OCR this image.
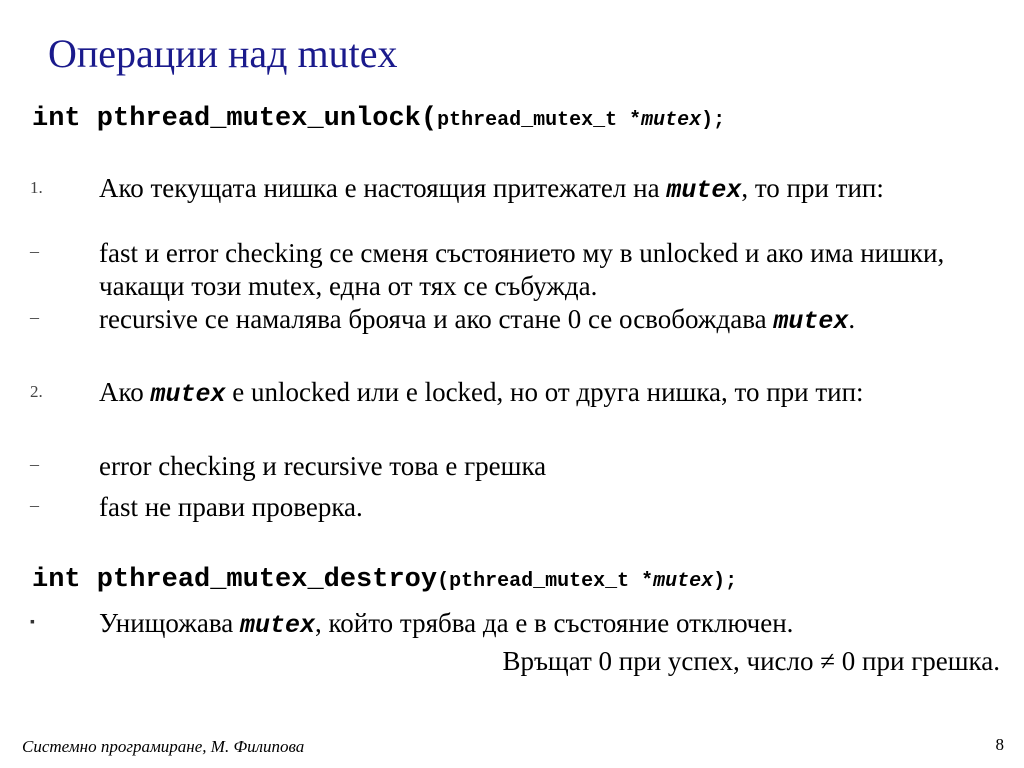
Операции над mutex
int pthread_mutex_unlock(pthread_mutex_t *mutex);
1. Ако текущата нишка е настоящия притежател на mutex, то при тип:
– fast и error checking се сменя състоянието му в unlocked и ако има нишки, чакащи този mutex, една от тях се събужда.
– recursive се намалява брояча и ако стане 0 се освобождава mutex.
2. Ако mutex е unlocked или е locked, но от друга нишка, то при тип:
– error checking и recursive това е грешка
– fast не прави проверка.
int pthread_mutex_destroy(pthread_mutex_t *mutex);
▪ Унищожава mutex, който трябва да е в състояние отключен.
Връщат 0 при успех, число ≠ 0 при грешка.
Системно програмиране, М. Филипова	8
